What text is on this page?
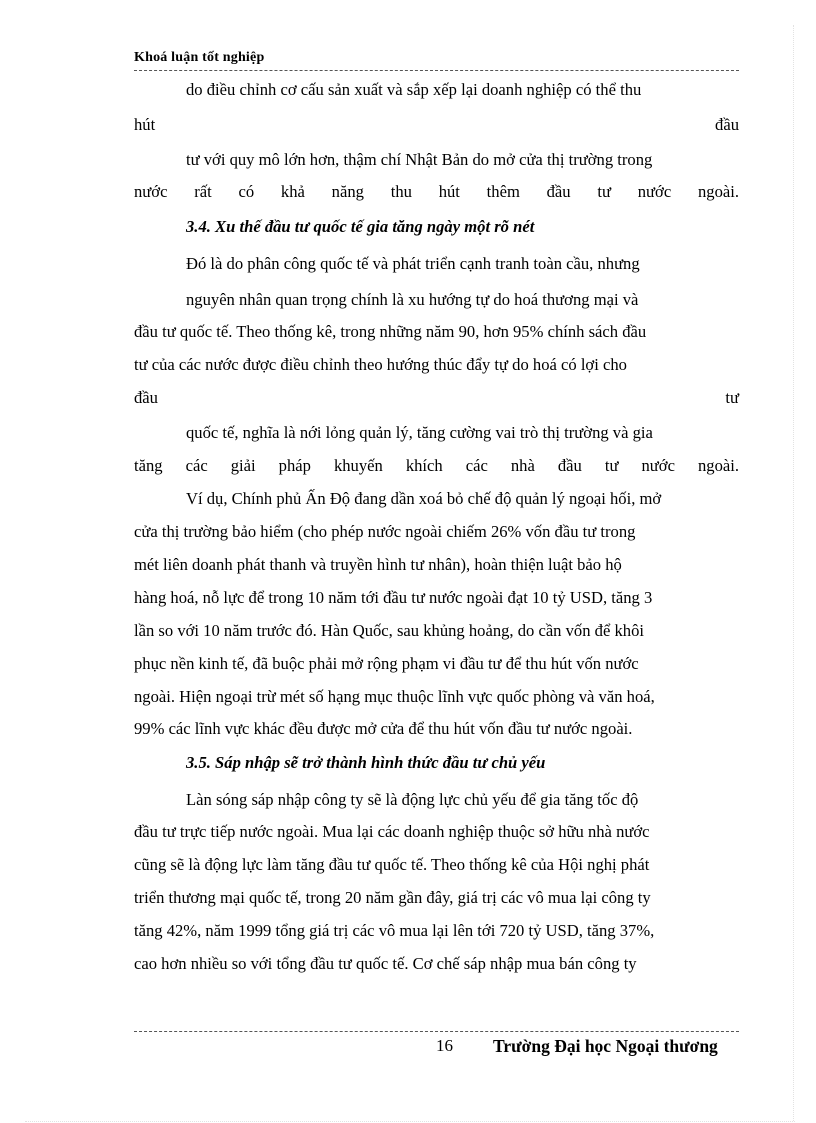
Khoá luận tốt nghiệp
do điều chỉnh cơ cấu sản xuất và sắp xếp lại doanh nghiệp có thể thu
hút	đầu
tư với quy mô lớn hơn, thậm chí Nhật Bản do mở cửa thị trường trong
nước rất có khả năng thu hút thêm đầu tư nước ngoài.
3.4. Xu thế đầu tư quốc tế gia tăng ngày một rõ nét
Đó là do phân công quốc tế và phát triển cạnh tranh toàn cầu, nhưng
nguyên nhân quan trọng chính là xu hướng tự do hoá thương mại và
đầu tư quốc tế. Theo thống kê, trong những năm 90, hơn 95% chính sách đầu
tư của các nước được điều chỉnh theo hướng thúc đẩy tự do hoá có lợi cho
đầu	tư
quốc tế, nghĩa là nới lỏng quản lý, tăng cường vai trò thị trường và gia
tăng các giải pháp khuyến khích các nhà đầu tư nước ngoài.
Ví dụ, Chính phủ Ấn Độ đang dần xoá bỏ chế độ quản lý ngoại hối, mở
cửa thị trường bảo hiểm (cho phép nước ngoài chiếm 26% vốn đầu tư trong
mét liên doanh phát thanh và truyền hình tư nhân), hoàn thiện luật bảo hộ
hàng hoá, nỗ lực để trong 10 năm tới đầu tư nước ngoài đạt 10 tỷ USD, tăng 3
lần so với 10 năm trước đó. Hàn Quốc, sau khủng hoảng, do cần vốn để khôi
phục nền kinh tế, đã buộc phải mở rộng phạm vi đầu tư để thu hút vốn nước
ngoài. Hiện ngoại trừ mét số hạng mục thuộc lĩnh vực quốc phòng và văn hoá,
99% các lĩnh vực khác đều được mở cửa để thu hút vốn đầu tư nước ngoài.
3.5. Sáp nhập sẽ trở thành hình thức đầu tư chủ yếu
Làn sóng sáp nhập công ty sẽ là động lực chủ yếu để gia tăng tốc độ
đầu tư trực tiếp nước ngoài. Mua lại các doanh nghiệp thuộc sở hữu nhà nước
cũng sẽ là động lực làm tăng đầu tư quốc tế. Theo thống kê của Hội nghị phát
triển thương mại quốc tế, trong 20 năm gần đây, giá trị các vô mua lại công ty
tăng 42%, năm 1999 tổng giá trị các vô mua lại lên tới 720 tỷ USD, tăng 37%,
cao hơn nhiều so với tổng đầu tư quốc tế. Cơ chế sáp nhập mua bán công ty
16 Trường Đại học Ngoại thương
